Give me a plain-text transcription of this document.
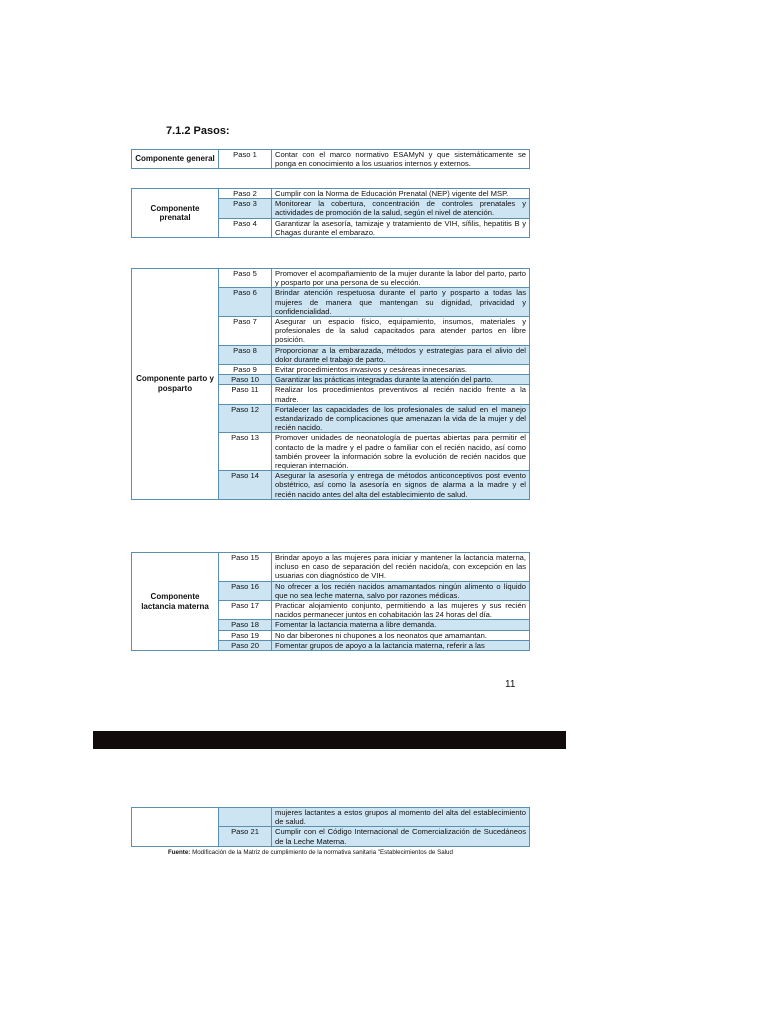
7.1.2 Pasos:
Componente general	Paso 1	Contar con el marco normativo ESAMyN y que sistemáticamente se ponga en conocimiento a los usuarios internos y externos.
Componente prenatal	Paso 2	Cumplir con la Norma de Educación Prenatal (NEP) vigente del MSP.
	Paso 3	Monitorear la cobertura, concentración de controles prenatales y actividades de promoción de la salud, según el nivel de atención.
	Paso 4	Garantizar la asesoría, tamizaje y tratamiento de VIH, sífilis, hepatitis B y Chagas durante el embarazo.
Componente parto y posparto	Paso 5	Promover el acompañamiento de la mujer durante la labor del parto, parto y posparto por una persona de su elección.
	Paso 6	Brindar atención respetuosa durante el parto y posparto a todas las mujeres de manera que mantengan su dignidad, privacidad y confidencialidad.
	Paso 7	Asegurar un espacio físico, equipamiento, insumos, materiales y profesionales de la salud capacitados para atender partos en libre posición.
	Paso 8	Proporcionar a la embarazada, métodos y estrategias para el alivio del dolor durante el trabajo de parto.
	Paso 9	Evitar procedimientos invasivos y cesáreas innecesarias.
	Paso 10	Garantizar las prácticas integradas durante la atención del parto.
	Paso 11	Realizar los procedimientos preventivos al recién nacido frente a la madre.
	Paso 12	Fortalecer las capacidades de los profesionales de salud en el manejo estandarizado de complicaciones que amenazan la vida de la mujer y del recién nacido.
	Paso 13	Promover unidades de neonatología de puertas abiertas para permitir el contacto de la madre y el padre o familiar con el recién nacido, así como también proveer la información sobre la evolución de recién nacidos que requieran internación.
	Paso 14	Asegurar la asesoría y entrega de métodos anticonceptivos post evento obstétrico, así como la asesoría en signos de alarma a la madre y el recién nacido antes del alta del establecimiento de salud.
Componente lactancia materna	Paso 15	Brindar apoyo a las mujeres para iniciar y mantener la lactancia materna, incluso en caso de separación del recién nacido/a, con excepción en las usuarias con diagnóstico de VIH.
	Paso 16	No ofrecer a los recién nacidos amamantados ningún alimento o líquido que no sea leche materna, salvo por razones médicas.
	Paso 17	Practicar alojamiento conjunto, permitiendo a las mujeres y sus recién nacidos permanecer juntos en cohabitación las 24 horas del día.
	Paso 18	Fomentar la lactancia materna a libre demanda.
	Paso 19	No dar biberones ni chupones a los neonatos que amamantan.
	Paso 20	Fomentar grupos de apoyo a la lactancia materna, referir a las
11
		mujeres lactantes a estos grupos al momento del alta del establecimiento de salud.
	Paso 21	Cumplir con el Código Internacional de Comercialización de Sucedáneos de la Leche Materna.
Fuente: Modificación de la Matriz de cumplimiento de la normativa sanitaria "Establecimientos de Salud
